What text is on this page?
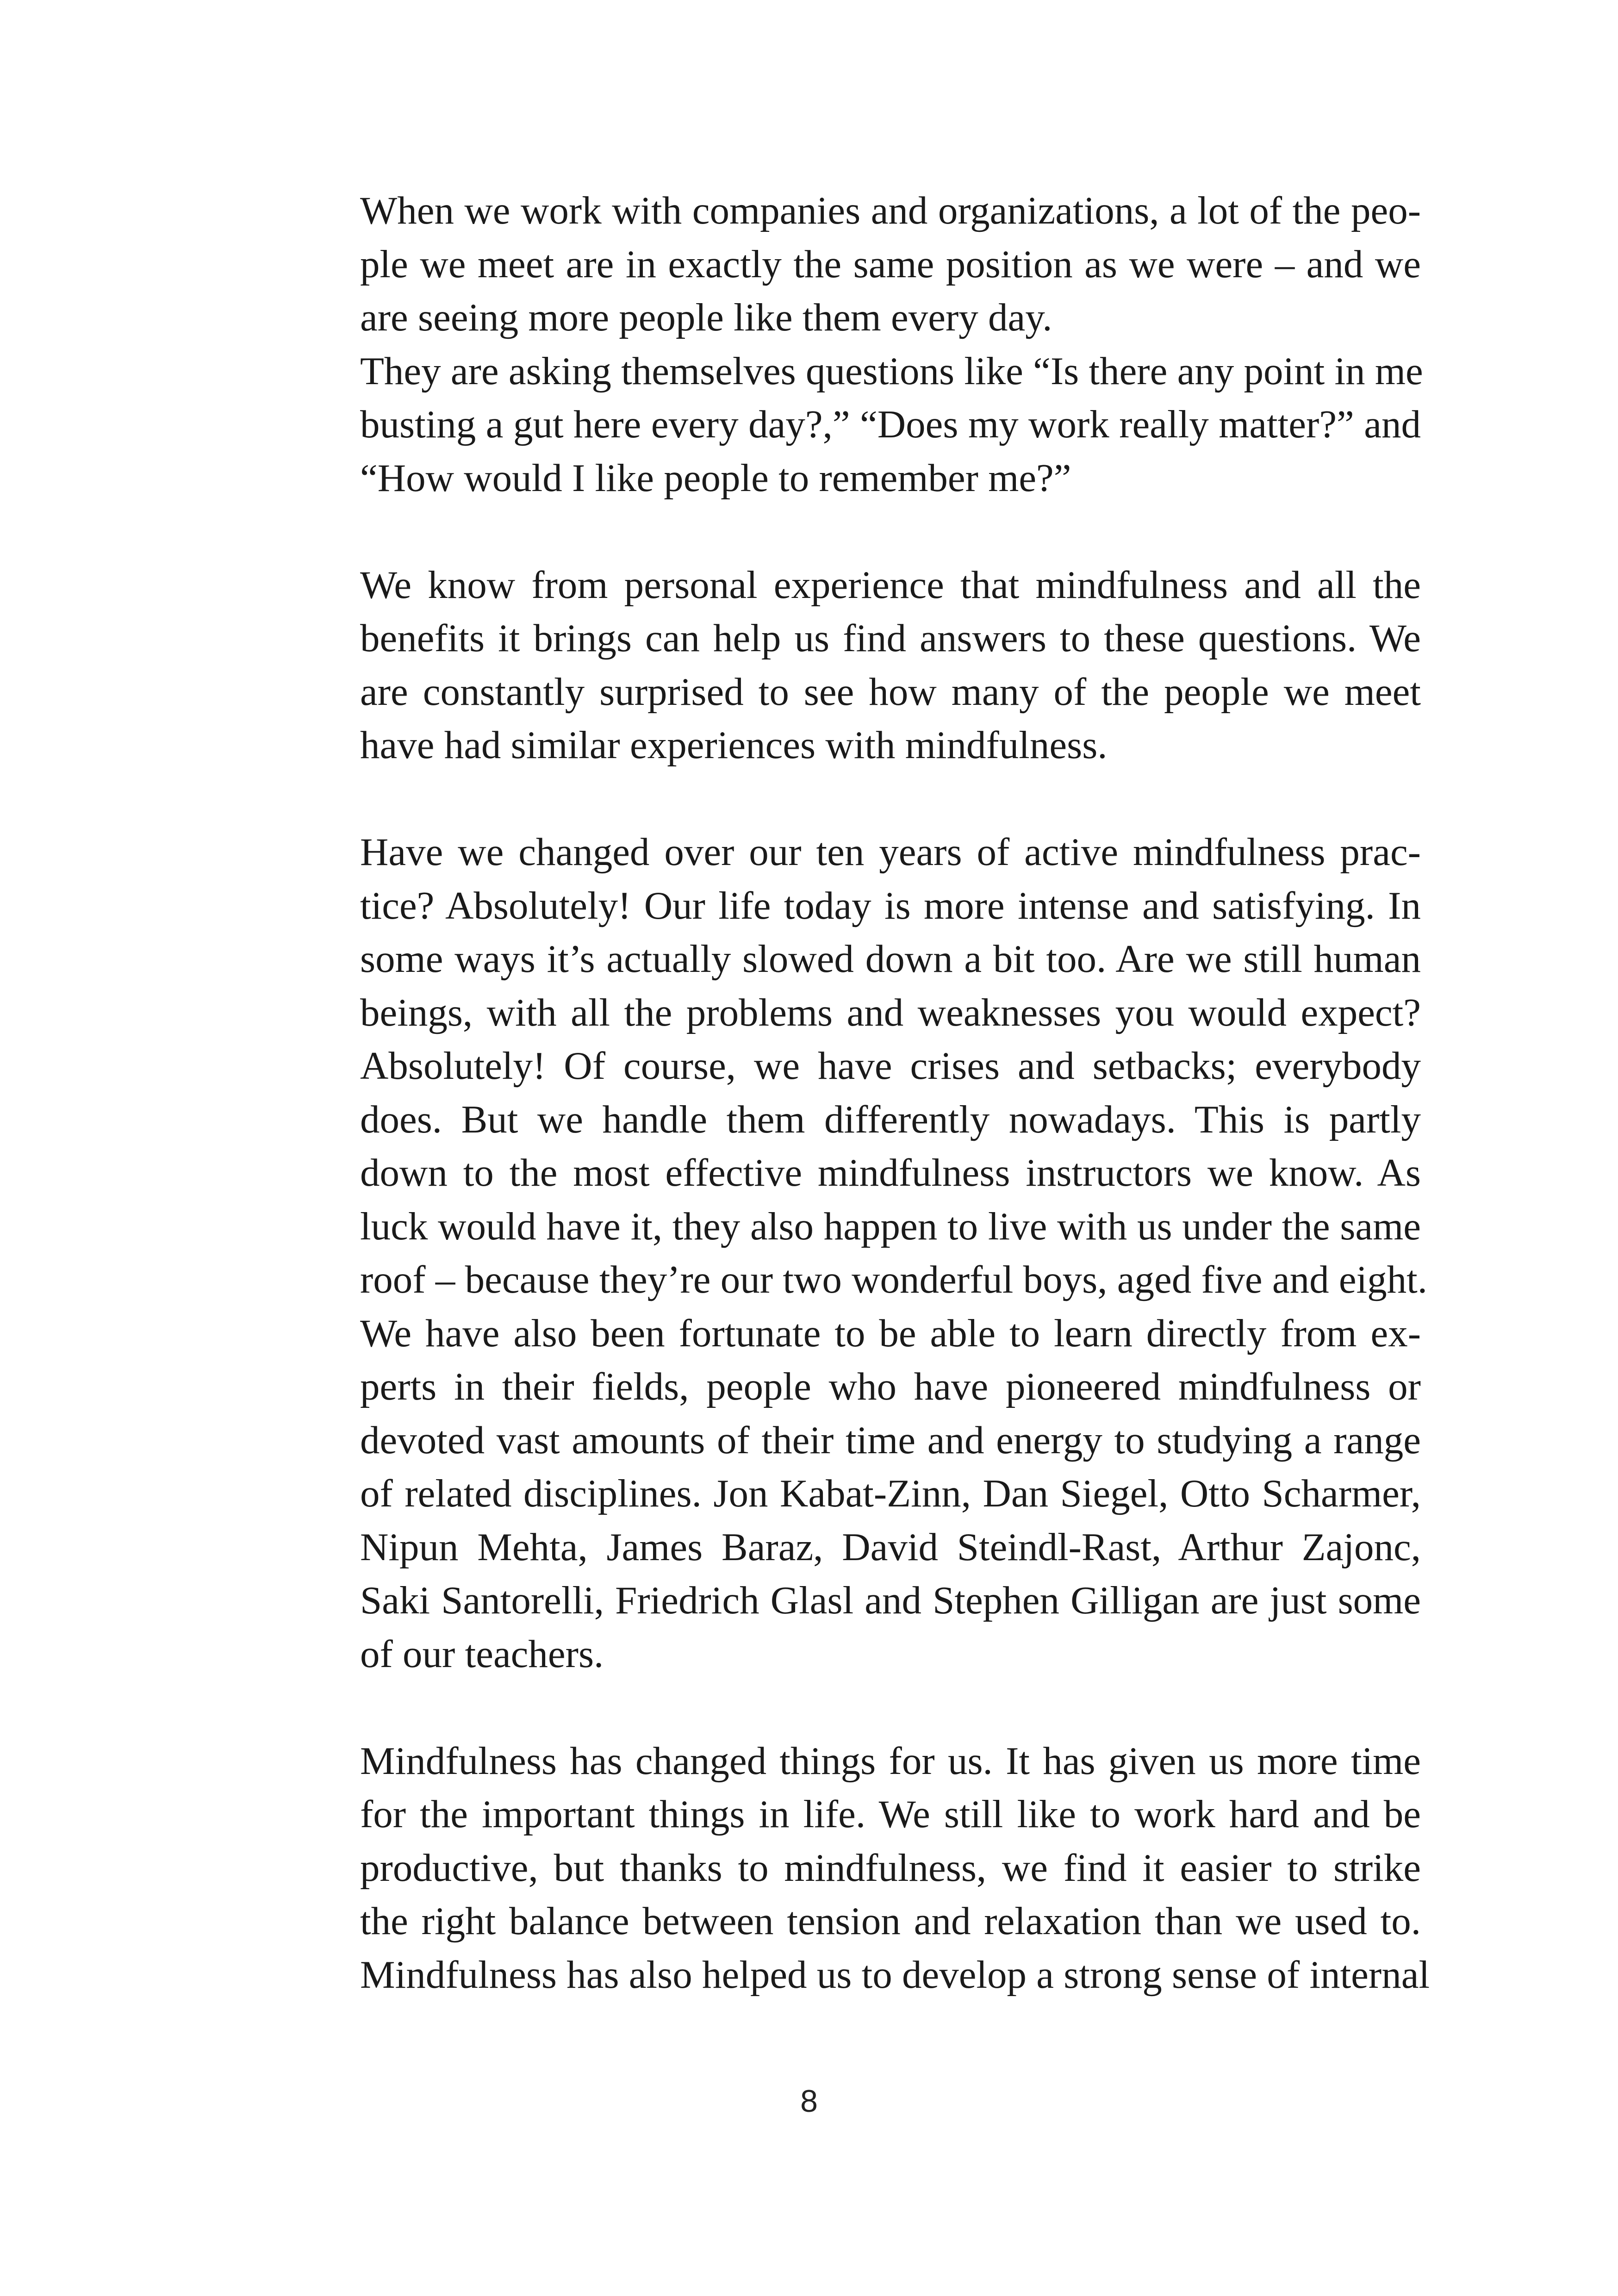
When we work with companies and organizations, a lot of the peo-
ple we meet are in exactly the same position as we were – and we
are seeing more people like them every day.
They are asking themselves questions like “Is there any point in me
busting a gut here every day?,” “Does my work really matter?” and
“How would I like people to remember me?”
We know from personal experience that mindfulness and all the
benefits it brings can help us find answers to these questions. We
are constantly surprised to see how many of the people we meet
have had similar experiences with mindfulness.
Have we changed over our ten years of active mindfulness prac-
tice? Absolutely! Our life today is more intense and satisfying. In
some ways it’s actually slowed down a bit too. Are we still human
beings, with all the problems and weaknesses you would expect?
Absolutely! Of course, we have crises and setbacks; everybody
does. But we handle them differently nowadays. This is partly
down to the most effective mindfulness instructors we know. As
luck would have it, they also happen to live with us under the same
roof – because they’re our two wonderful boys, aged five and eight.
We have also been fortunate to be able to learn directly from ex-
perts in their fields, people who have pioneered mindfulness or
devoted vast amounts of their time and energy to studying a range
of related disciplines. Jon Kabat-Zinn, Dan Siegel, Otto Scharmer,
Nipun Mehta, James Baraz, David Steindl-Rast, Arthur Zajonc,
Saki Santorelli, Friedrich Glasl and Stephen Gilligan are just some
of our teachers.
Mindfulness has changed things for us. It has given us more time
for the important things in life. We still like to work hard and be
productive, but thanks to mindfulness, we find it easier to strike
the right balance between tension and relaxation than we used to.
Mindfulness has also helped us to develop a strong sense of internal
8
